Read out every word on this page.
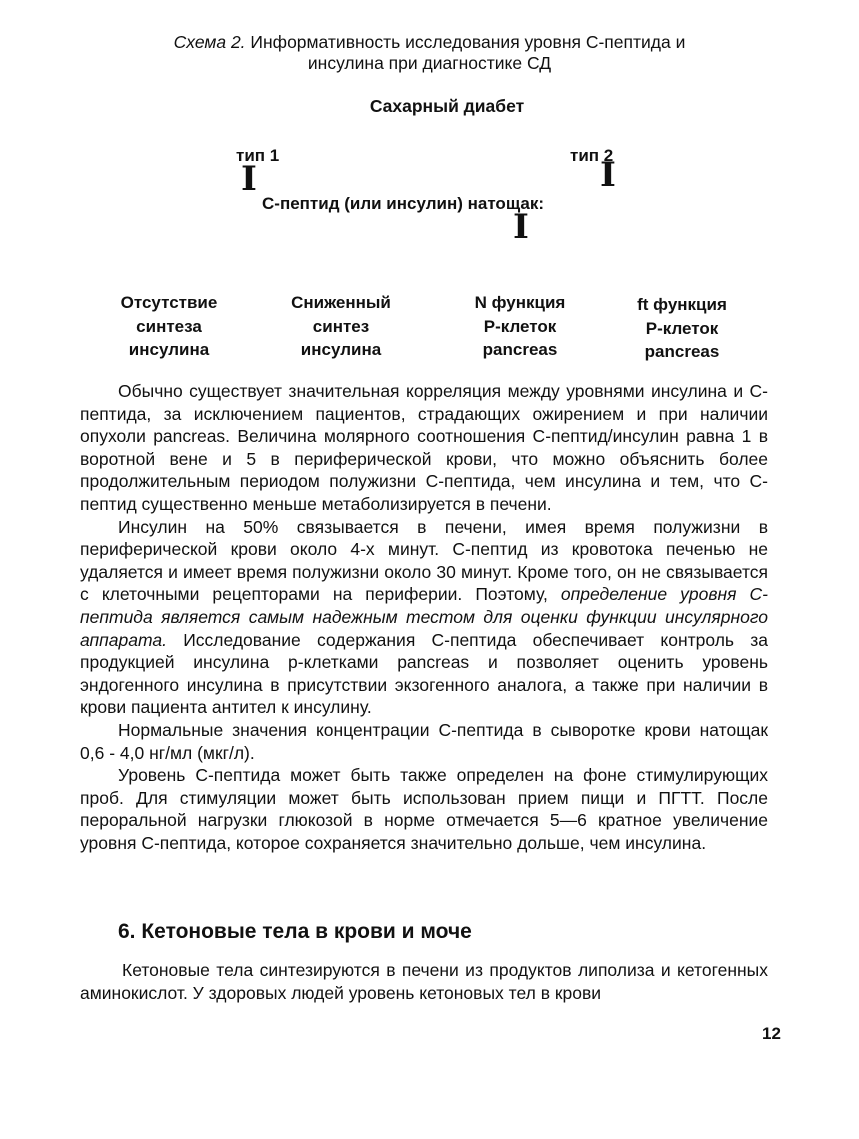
Схема 2. Информативность исследования уровня С-пептида и
инсулина при диагностике СД
Сахарный диабет
тип 1	тип 2
I	I
С-пептид (или инсулин) натощак:
I
Отсутствие
синтеза
инсулина
Сниженный
синтез
инсулина
N функция
Р-клеток
pancreas
ft функция
Р-клеток
pancreas

Обычно существует значительная корреляция между уровнями инсулина и С-пептида, за исключением пациентов, страдающих ожирением и при наличии опухоли pancreas. Величина молярного соотношения С-пептид/инсулин равна 1 в воротной вене и 5 в периферической крови, что можно объяснить более продолжительным периодом полужизни С-пептида, чем инсулина и тем, что С-пептид существенно меньше метаболизируется в печени.

Инсулин на 50% связывается в печени, имея время полужизни в периферической крови около 4-х минут. С-пептид из кровотока печенью не удаляется и имеет время полужизни около 30 минут. Кроме того, он не связывается с клеточными рецепторами на периферии. Поэтому, определение уровня С-пептида является самым надежным тестом для оценки функции инсулярного аппарата. Исследование содержания С-пептида обеспечивает контроль за продукцией инсулина р-клетками pancreas и позволяет оценить уровень эндогенного инсулина в присутствии экзогенного аналога, а также при наличии в крови пациента антител к инсулину.

Нормальные значения концентрации С-пептида в сыворотке крови натощак 0,6 - 4,0 нг/мл (мкг/л).

Уровень С-пептида может быть также определен на фоне стимулирующих проб. Для стимуляции может быть использован прием пищи и ПГТТ. После пероральной нагрузки глюкозой в норме отмечается 5—6 кратное увеличение уровня С-пептида, которое сохраняется значительно дольше, чем инсулина.

6. Кетоновые тела в крови и моче

Кетоновые тела синтезируются в печени из продуктов липолиза и кетогенных аминокислот. У здоровых людей уровень кетоновых тел в крови

12
